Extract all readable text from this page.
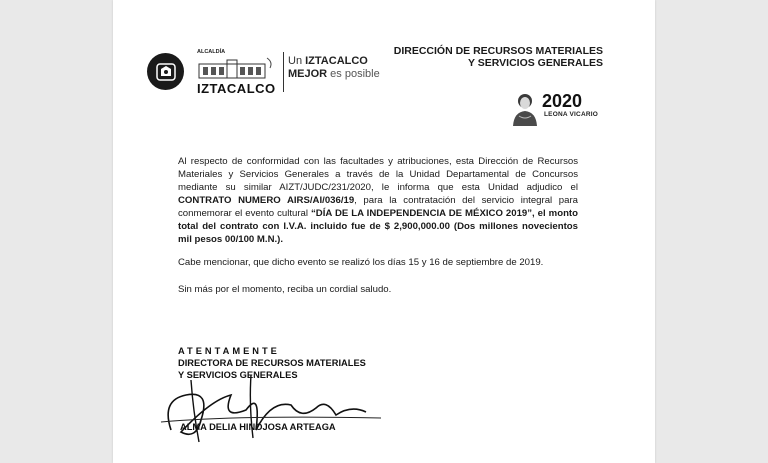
ALCALDÍA
IZTACALCO
Un IZTACALCO
MEJOR es posible
DIRECCIÓN DE RECURSOS MATERIALES
Y SERVICIOS GENERALES
2020
LEONA VICARIO
Al respecto de conformidad con las facultades y atribuciones, esta Dirección de Recursos Materiales y Servicios Generales a través de la Unidad Departamental de Concursos mediante su similar AIZT/JUDC/231/2020, le informa que esta Unidad adjudico el CONTRATO NUMERO AIRS/AI/036/19, para la contratación del servicio integral para conmemorar el evento cultural “DÍA DE LA INDEPENDENCIA DE MÉXICO 2019”, el monto total del contrato con I.V.A. incluido fue de $ 2,900,000.00 (Dos millones novecientos mil pesos 00/100 M.N.).
Cabe mencionar, que dicho evento se realizó los días 15 y 16 de septiembre de 2019.
Sin más por el momento, reciba un cordial saludo.
ATENTAMENTE
DIRECTORA DE RECURSOS MATERIALES
Y SERVICIOS GENERALES
ALMA DELIA HINOJOSA ARTEAGA
